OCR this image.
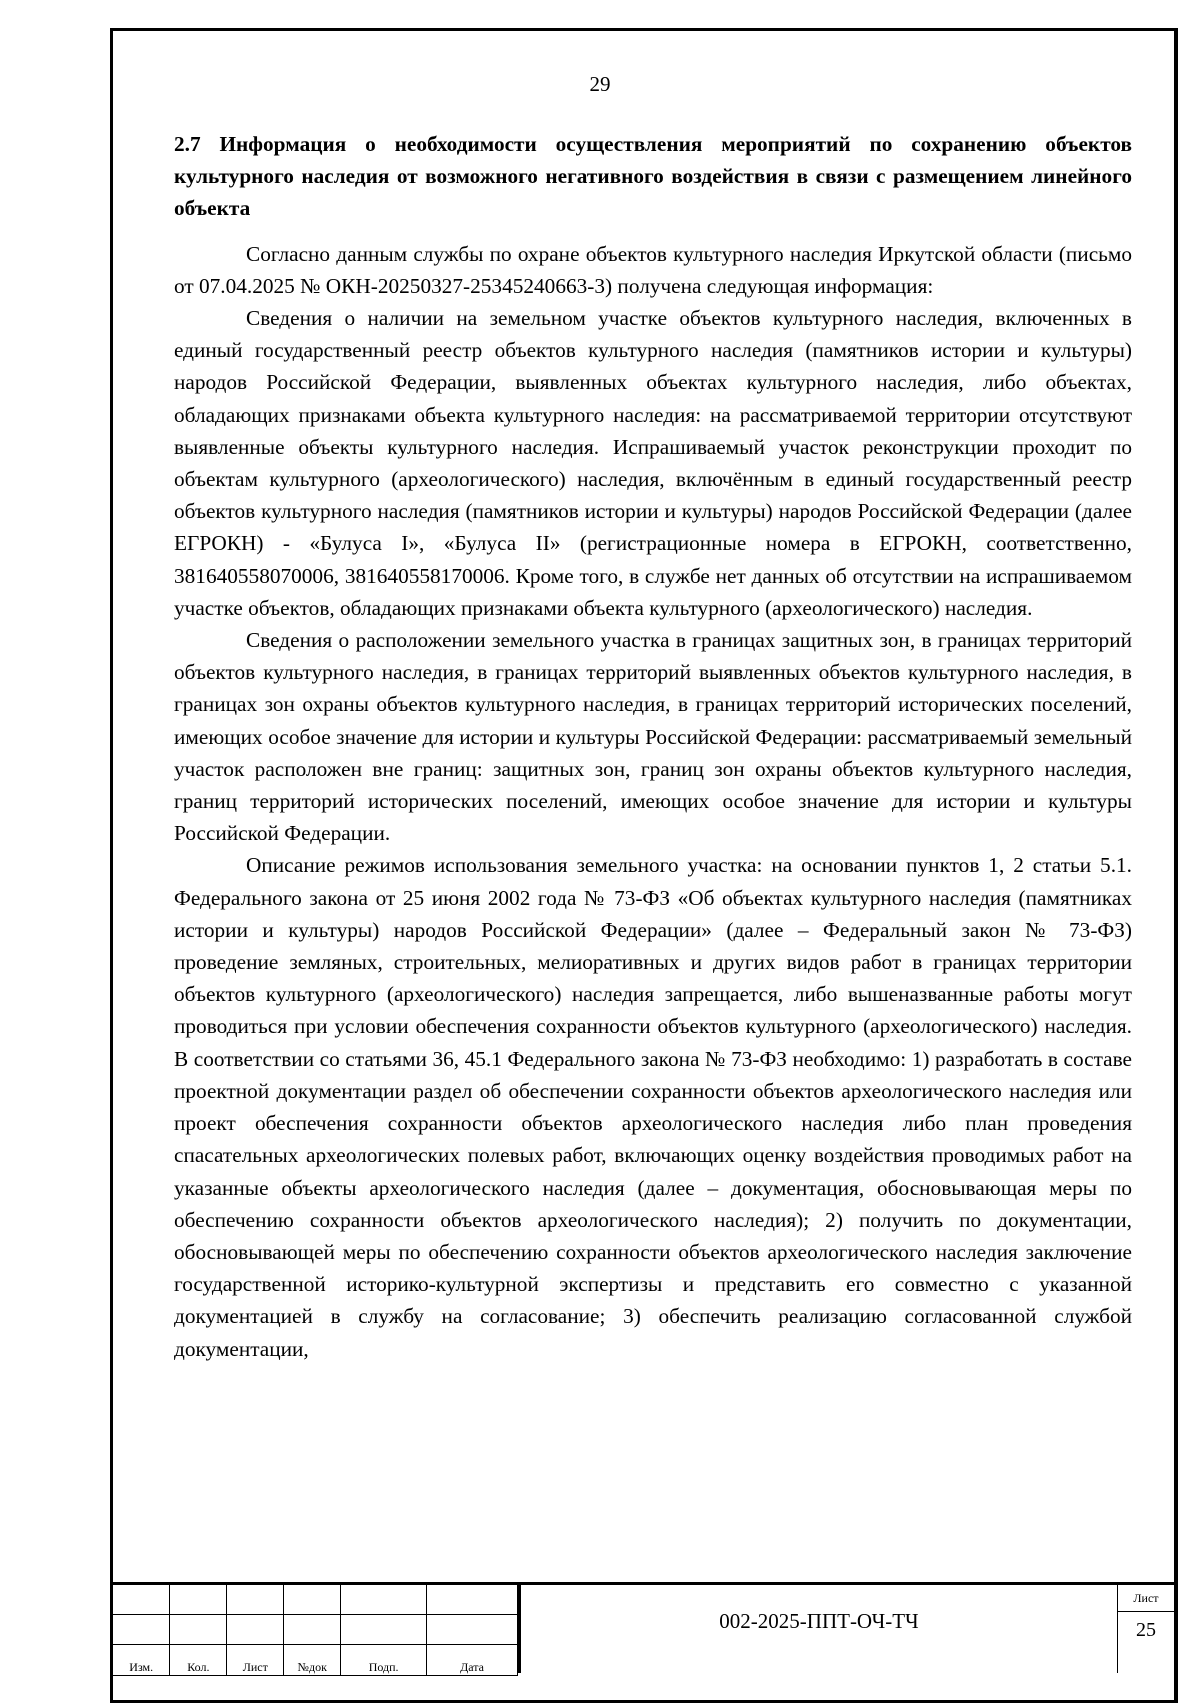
29
2.7 Информация о необходимости осуществления мероприятий по сохранению объектов культурного наследия от возможного негативного воздействия в связи с размещением линейного объекта

Согласно данным службы по охране объектов культурного наследия Иркутской области (письмо от 07.04.2025 № ОКН-20250327-25345240663-3) получена следующая информация:

Сведения о наличии на земельном участке объектов культурного наследия, включенных в единый государственный реестр объектов культурного наследия (памятников истории и культуры) народов Российской Федерации, выявленных объектах культурного наследия, либо объектах, обладающих признаками объекта культурного наследия: на рассматриваемой территории отсутствуют выявленные объекты культурного наследия. Испрашиваемый участок реконструкции проходит по объектам культурного (археологического) наследия, включённым в единый государственный реестр объектов культурного наследия (памятников истории и культуры) народов Российской Федерации (далее ЕГРОКН) - «Булуса I», «Булуса II» (регистрационные номера в ЕГРОКН, соответственно, 381640558070006, 381640558170006. Кроме того, в службе нет данных об отсутствии на испрашиваемом участке объектов, обладающих признаками объекта культурного (археологического) наследия.

Сведения о расположении земельного участка в границах защитных зон, в границах территорий объектов культурного наследия, в границах территорий выявленных объектов культурного наследия, в границах зон охраны объектов культурного наследия, в границах территорий исторических поселений, имеющих особое значение для истории и культуры Российской Федерации: рассматриваемый земельный участок расположен вне границ: защитных зон, границ зон охраны объектов культурного наследия, границ территорий исторических поселений, имеющих особое значение для истории и культуры Российской Федерации.

Описание режимов использования земельного участка: на основании пунктов 1, 2 статьи 5.1. Федерального закона от 25 июня 2002 года № 73-ФЗ «Об объектах культурного наследия (памятниках истории и культуры) народов Российской Федерации» (далее – Федеральный закон № 73-ФЗ) проведение земляных, строительных, мелиоративных и других видов работ в границах территории объектов культурного (археологического) наследия запрещается, либо вышеназванные работы могут проводиться при условии обеспечения сохранности объектов культурного (археологического) наследия. В соответствии со статьями 36, 45.1 Федерального закона № 73-ФЗ необходимо: 1) разработать в составе проектной документации раздел об обеспечении сохранности объектов археологического наследия или проект обеспечения сохранности объектов археологического наследия либо план проведения спасательных археологических полевых работ, включающих оценку воздействия проводимых работ на указанные объекты археологического наследия (далее – документация, обосновывающая меры по обеспечению сохранности объектов археологического наследия); 2) получить по документации, обосновывающей меры по обеспечению сохранности объектов археологического наследия заключение государственной историко-культурной экспертизы и представить его совместно с указанной документацией в службу на согласование; 3) обеспечить реализацию согласованной службой документации,

Изм.	Кол.	Лист	№док	Подп.	Дата
002-2025-ППТ-ОЧ-ТЧ
Лист
25
